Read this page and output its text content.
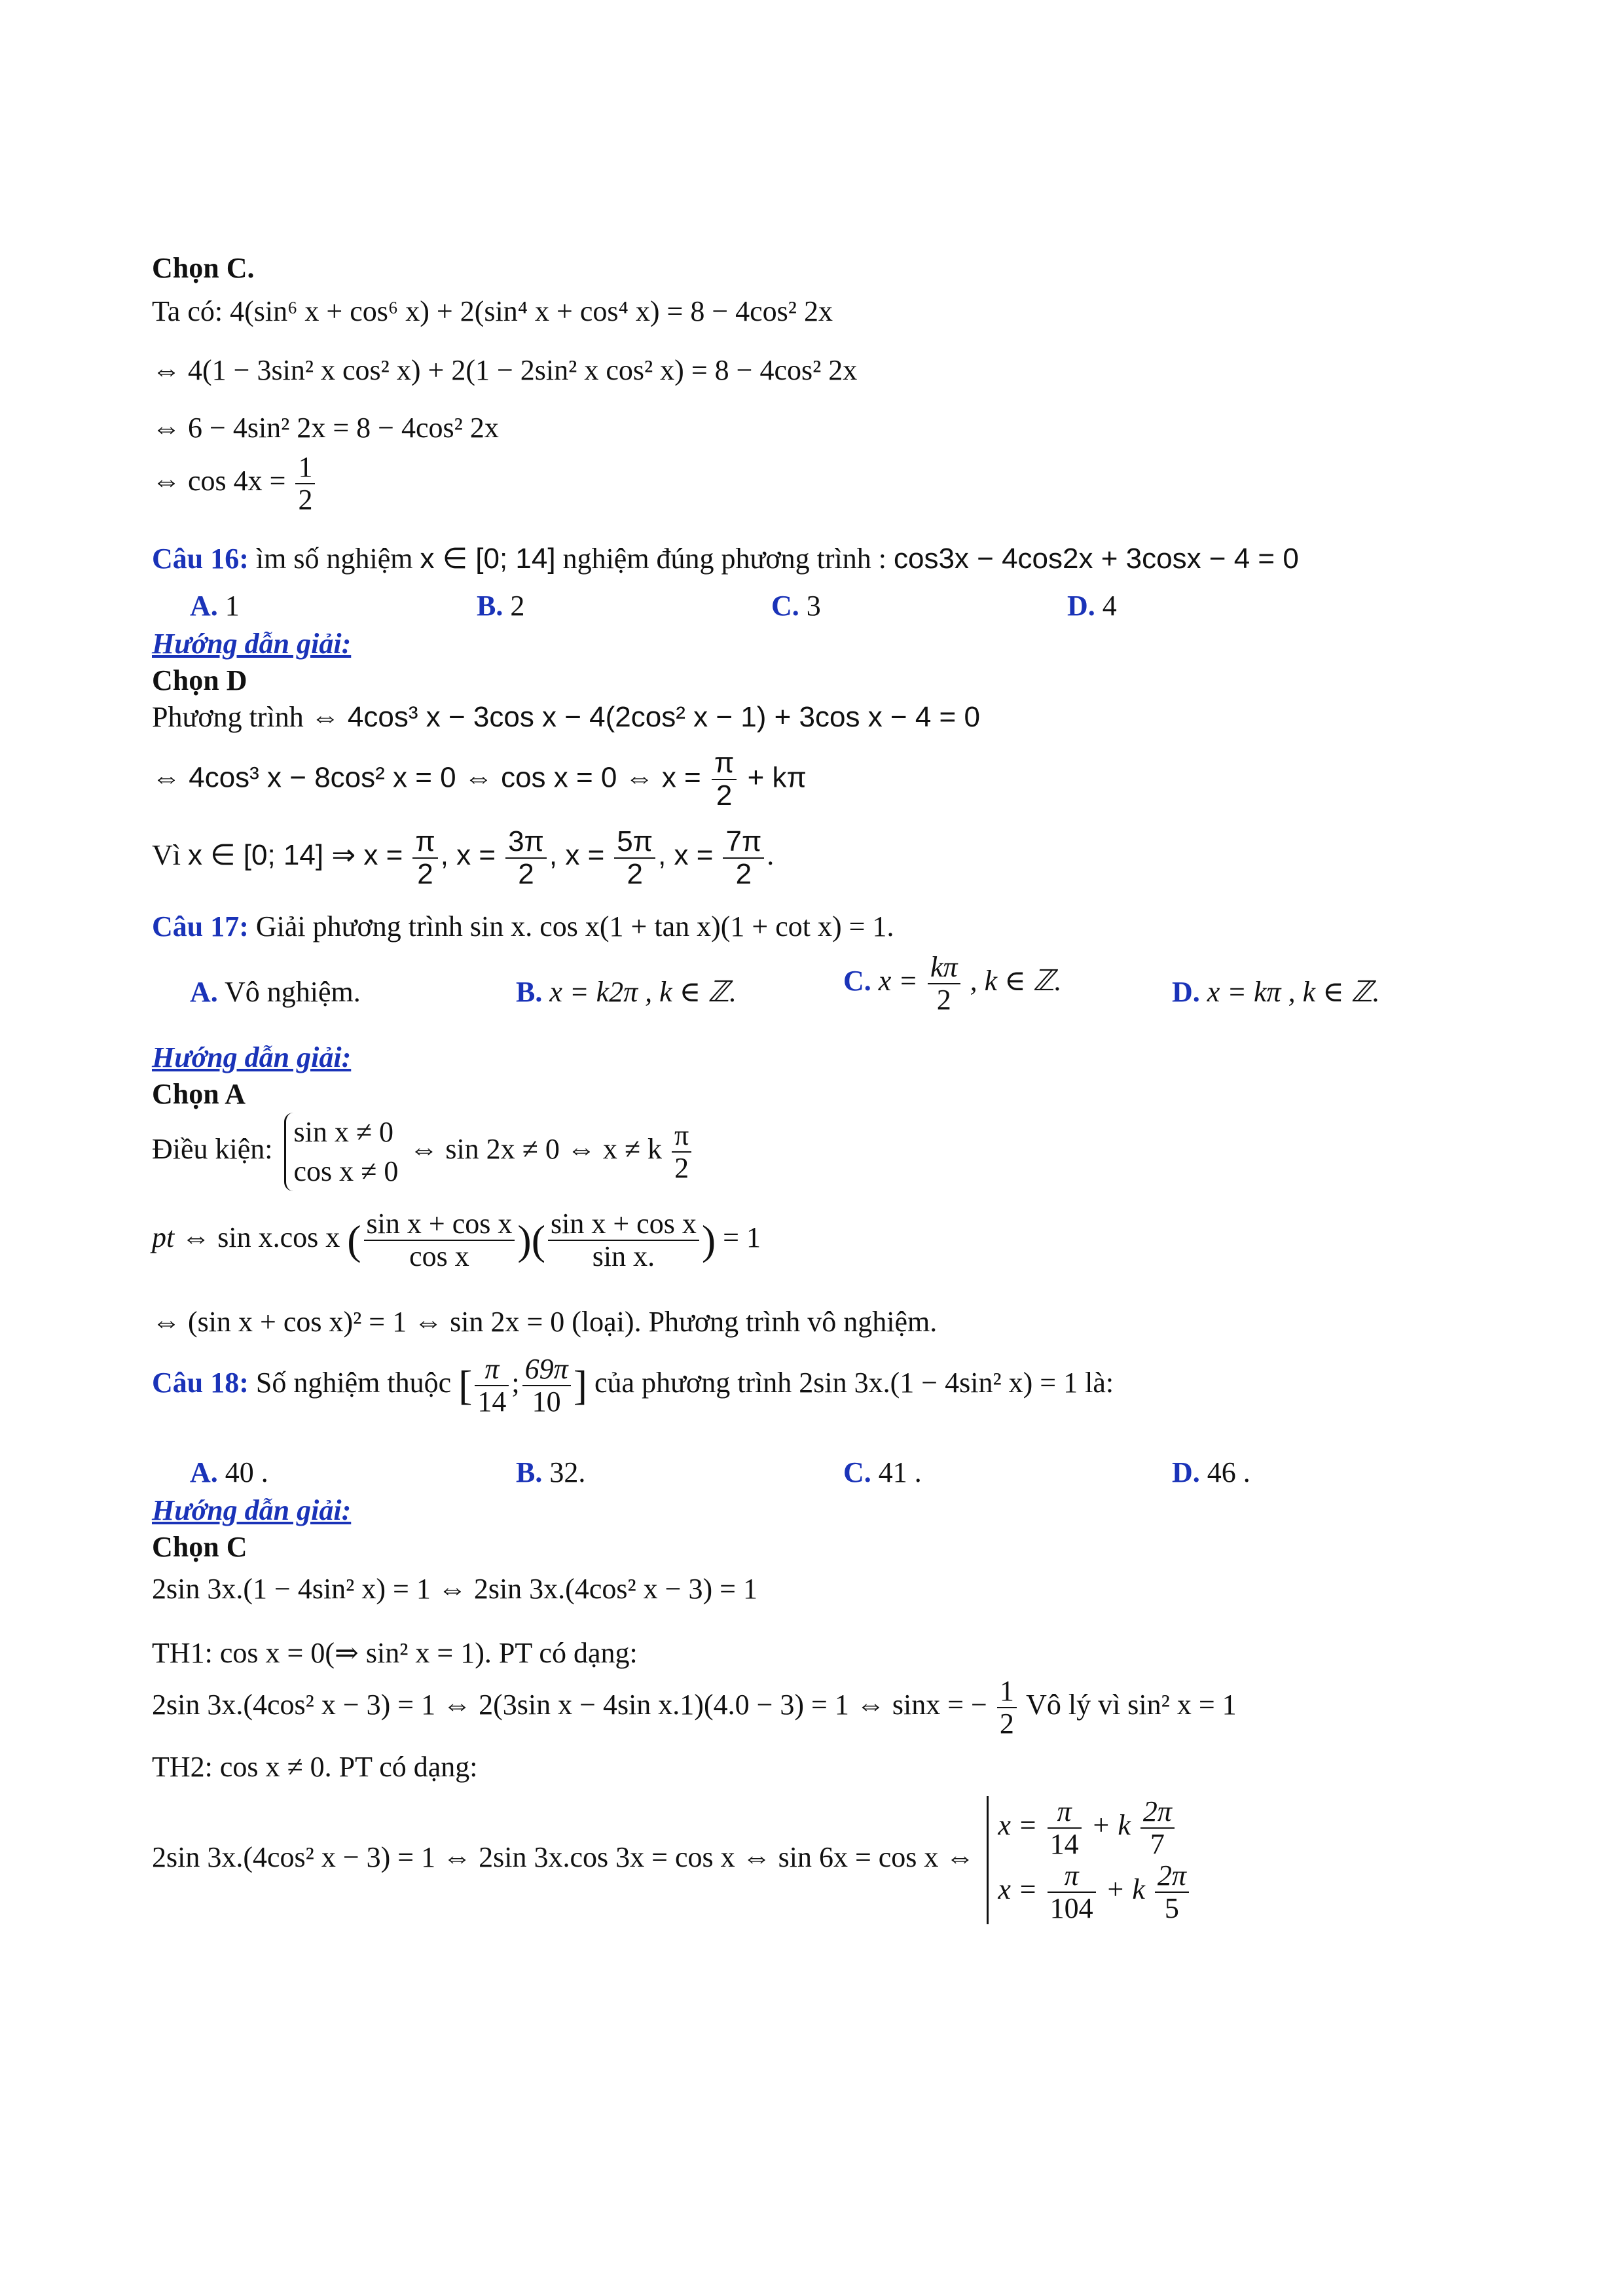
Chọn C.
Ta có: 4(sin⁶ x + cos⁶ x) + 2(sin⁴ x + cos⁴ x) = 8 − 4cos² 2x
⇔ 4(1 − 3sin² x cos² x) + 2(1 − 2sin² x cos² x) = 8 − 4cos² 2x
⇔ 6 − 4sin² 2x = 8 − 4cos² 2x
⇔ $\cos 4x = \frac{1}{2}$
Câu 16: ìm số nghiệm x ∈ [0; 14] nghiệm đúng phương trình : cos3x − 4cos2x + 3cosx − 4 = 0
A. 1	B. 2	C. 3	D. 4
Hướng dẫn giải:
Chọn D
Phương trình ⇔ 4cos³ x − 3cos x − 4(2cos² x − 1) + 3cos x − 4 = 0
⇔ 4cos³ x − 8cos² x = 0 ⇔ cos x = 0 ⇔ $x = \frac{\pi}{2} + k\pi$
Vì x ∈ [0; 14] ⇒ $x = \frac{\pi}{2}$ , $x = \frac{3\pi}{2}$ , $x = \frac{5\pi}{2}$ , $x = \frac{7\pi}{2}$ .
Câu 17: Giải phương trình sin x. cos x(1 + tan x)(1 + cot x) = 1.
A. Vô nghiệm.	B. x = k2π , k ∈ ℤ.	C. $x = \frac{k\pi}{2}$ , k ∈ ℤ.	D. x = kπ , k ∈ ℤ.
Hướng dẫn giải:
Chọn A
Điều kiện:
sin x ≠ 0
cos x ≠ 0
⇔ sin 2x ≠ 0 ⇔ x ≠ k $\frac{\pi}{2}$
pt ⇔ sin x.cos x ( $\frac{\text{sin x + cos x}}{\text{cos x}}$ )( $\frac{\text{sin x + cos x}}{\text{sin x.}}$ ) = 1
⇔ (sin x + cos x)² = 1 ⇔ sin 2x = 0 (loại). Phương trình vô nghiệm.
Câu 18: Số nghiệm thuộc [ $\frac{\pi}{14}$ ; $\frac{69\pi}{10}$ ] của phương trình 2sin 3x.(1 − 4sin² x) = 1 là:
A. 40 .	B. 32.	C. 41 .	D. 46 .
Hướng dẫn giải:
Chọn C
2sin 3x.(1 − 4sin² x) = 1 ⇔ 2sin 3x.(4cos² x − 3) = 1
TH1: cos x = 0(⇒ sin² x = 1). PT có dạng:
2sin 3x.(4cos² x − 3) = 1 ⇔ 2(3sin x − 4sin x.1)(4.0 − 3) = 1 ⇔ sinx = − $\frac{1}{2}$ Vô lý vì sin² x = 1
TH2: cos x ≠ 0. PT có dạng:
2sin 3x.(4cos² x − 3) = 1 ⇔ 2sin 3x.cos 3x = cos x ⇔ sin 6x = cos x ⇔
$x = \frac{\pi}{14} + k \frac{2\pi}{7}$
$x = \frac{\pi}{104} + k \frac{2\pi}{5}$
